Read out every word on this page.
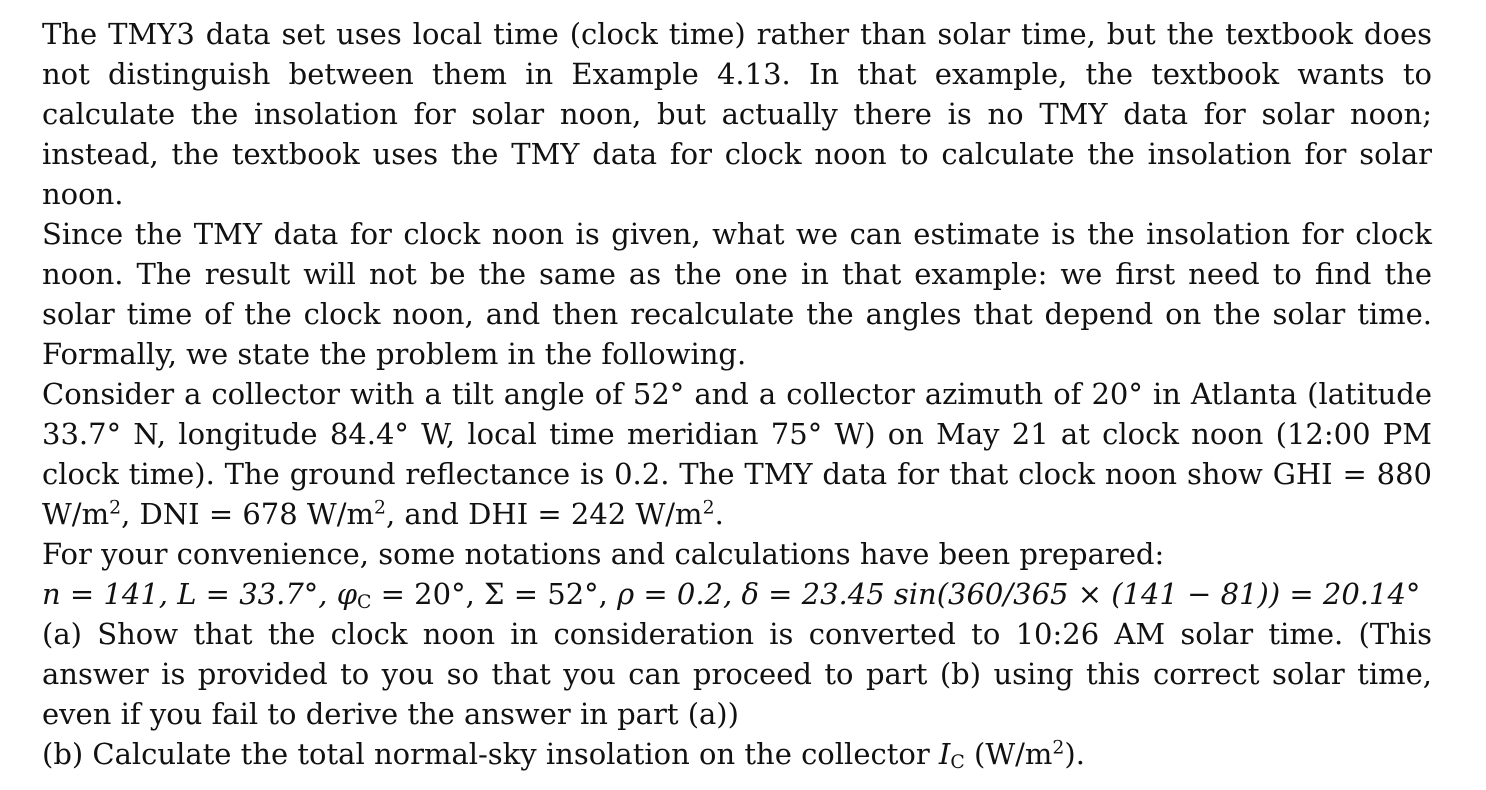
The TMY3 data set uses local time (clock time) rather than solar time, but the textbook does not distinguish between them in Example 4.13. In that example, the textbook wants to calculate the insolation for solar noon, but actually there is no TMY data for solar noon; instead, the textbook uses the TMY data for clock noon to calculate the insolation for solar noon.

Since the TMY data for clock noon is given, what we can estimate is the insolation for clock noon. The result will not be the same as the one in that example: we first need to find the solar time of the clock noon, and then recalculate the angles that depend on the solar time. Formally, we state the problem in the following.

Consider a collector with a tilt angle of 52° and a collector azimuth of 20° in Atlanta (latitude 33.7° N, longitude 84.4° W, local time meridian 75° W) on May 21 at clock noon (12:00 PM clock time). The ground reflectance is 0.2. The TMY data for that clock noon show GHI = 880 $W/m^2$, DNI = 678 $W/m^2$, and DHI = 242 $W/m^2$.

For your convenience, some notations and calculations have been prepared:

n = 141, L = 33.7°, $\varphi_C = 20^\circ$, Σ = 52°, ρ = 0.2, δ = 23.45 sin(360/365 × (141 − 81)) = 20.14°

(a) Show that the clock noon in consideration is converted to 10:26 AM solar time. (This answer is provided to you so that you can proceed to part (b) using this correct solar time, even if you fail to derive the answer in part (a))

(b) Calculate the total normal-sky insolation on the collector $I_C$ $(W/m^2)$.
